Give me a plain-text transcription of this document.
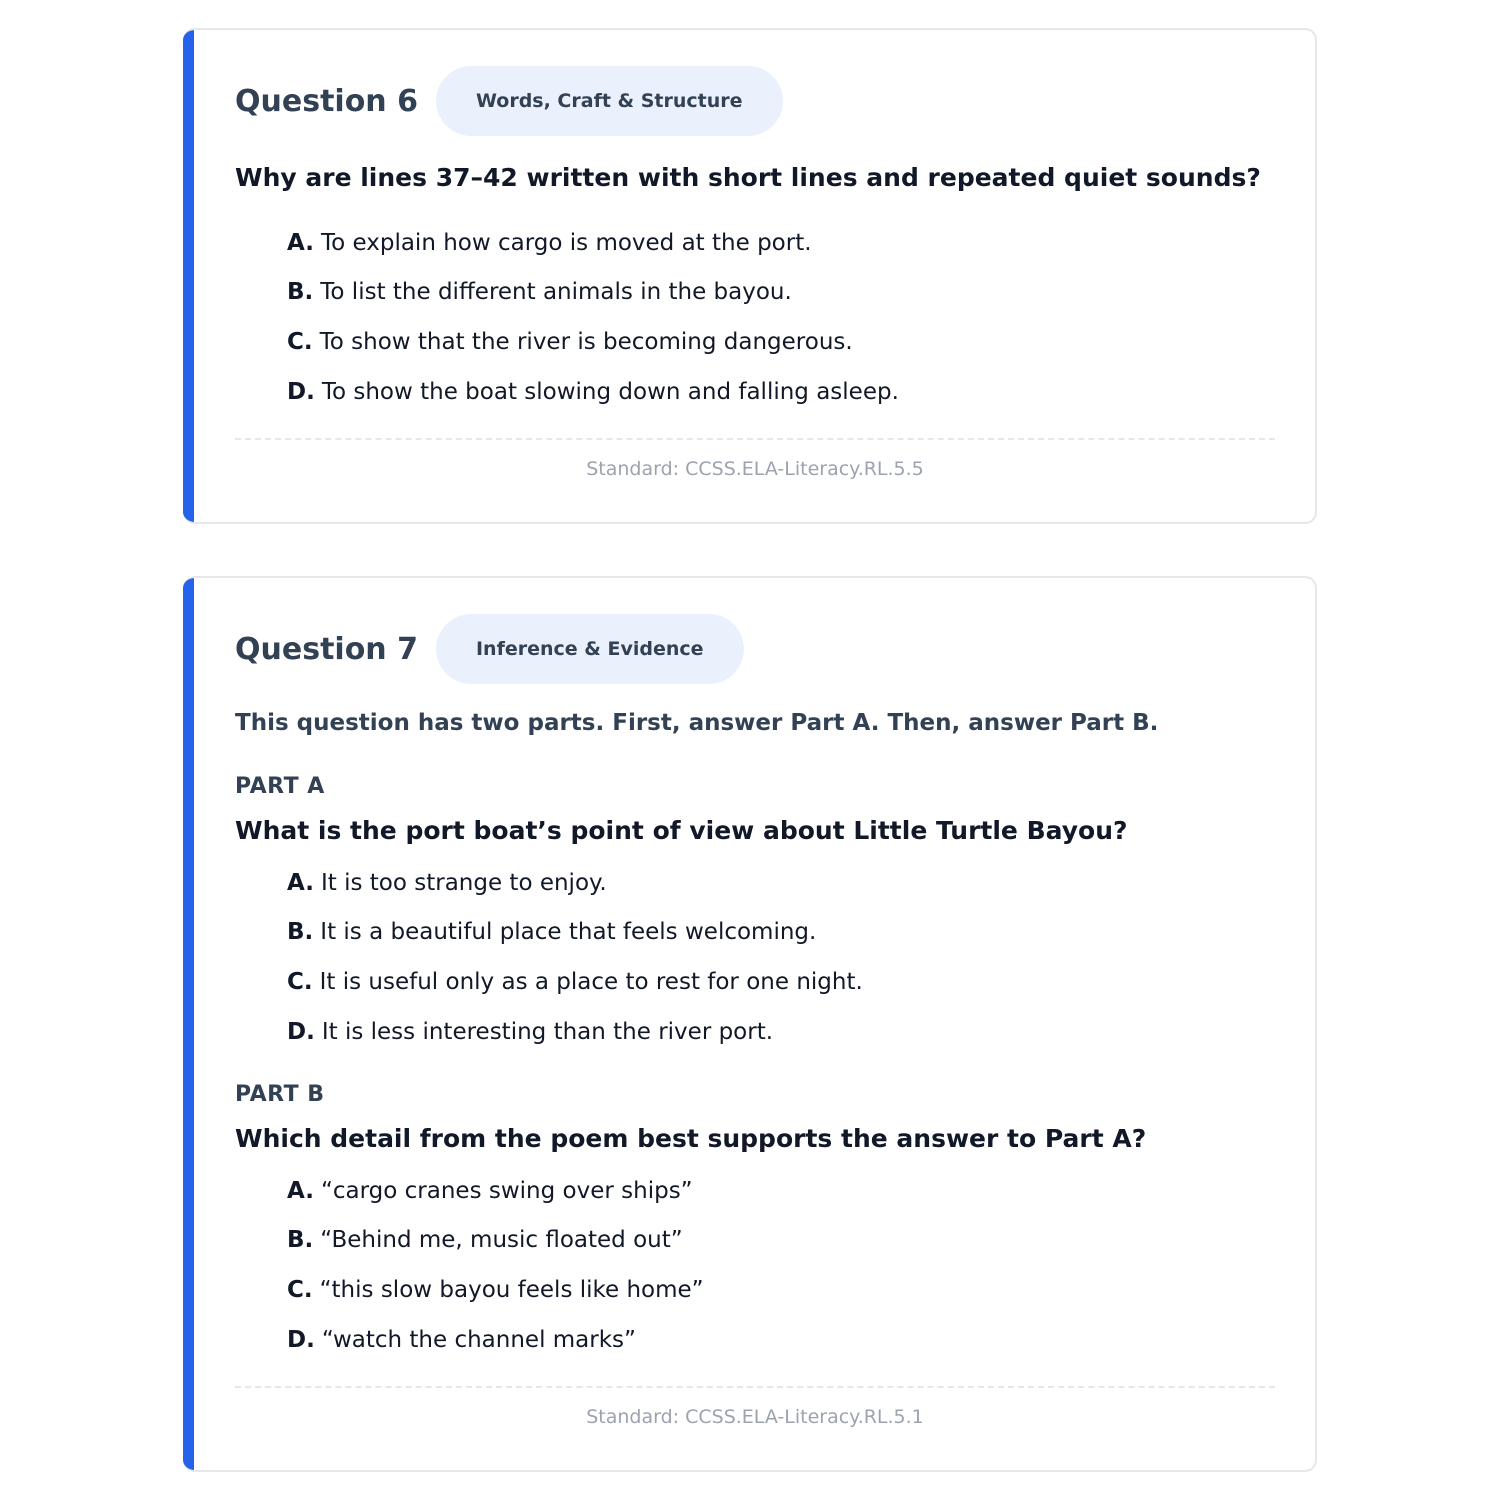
Question 6	Words, Craft & Structure
Why are lines 37–42 written with short lines and repeated quiet sounds?
A. To explain how cargo is moved at the port.
B. To list the different animals in the bayou.
C. To show that the river is becoming dangerous.
D. To show the boat slowing down and falling asleep.
Standard: CCSS.ELA-Literacy.RL.5.5
Question 7	Inference & Evidence
This question has two parts. First, answer Part A. Then, answer Part B.
PART A
What is the port boat’s point of view about Little Turtle Bayou?
A. It is too strange to enjoy.
B. It is a beautiful place that feels welcoming.
C. It is useful only as a place to rest for one night.
D. It is less interesting than the river port.
PART B
Which detail from the poem best supports the answer to Part A?
A. “cargo cranes swing over ships”
B. “Behind me, music floated out”
C. “this slow bayou feels like home”
D. “watch the channel marks”
Standard: CCSS.ELA-Literacy.RL.5.1
